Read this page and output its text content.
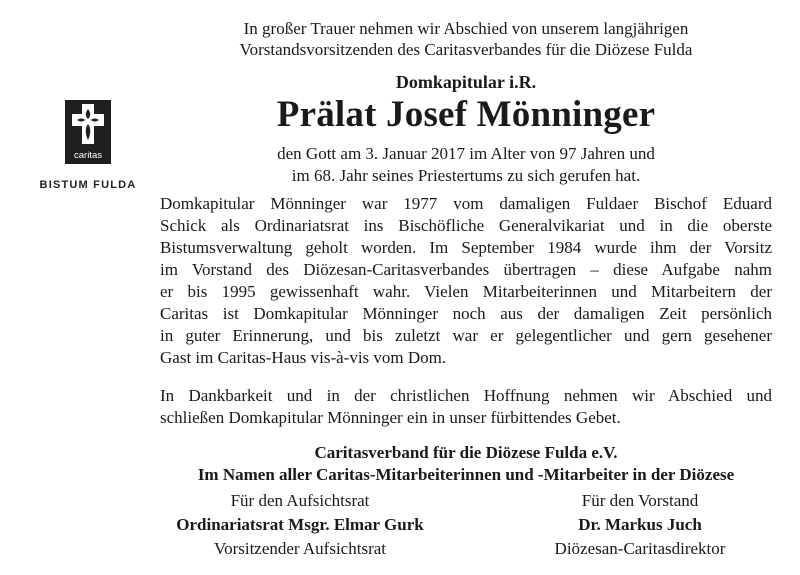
caritas
BISTUM FULDA
In großer Trauer nehmen wir Abschied von unserem langjährigen
Vorstandsvorsitzenden des Caritasverbandes für die Diözese Fulda
Domkapitular i.R.
Prälat Josef Mönninger
den Gott am 3. Januar 2017 im Alter von 97 Jahren und
im 68. Jahr seines Priestertums zu sich gerufen hat.
Domkapitular Mönninger war 1977 vom damaligen Fuldaer Bischof Eduard
Schick als Ordinariatsrat ins Bischöfliche Generalvikariat und in die oberste
Bistumsverwaltung geholt worden. Im September 1984 wurde ihm der Vorsitz
im Vorstand des Diözesan-Caritasverbandes übertragen – diese Aufgabe nahm
er bis 1995 gewissenhaft wahr. Vielen Mitarbeiterinnen und Mitarbeitern der
Caritas ist Domkapitular Mönninger noch aus der damaligen Zeit persönlich
in guter Erinnerung, und bis zuletzt war er gelegentlicher und gern gesehener
Gast im Caritas-Haus vis-à-vis vom Dom.
In Dankbarkeit und in der christlichen Hoffnung nehmen wir Abschied und
schließen Domkapitular Mönninger ein in unser fürbittendes Gebet.
Caritasverband für die Diözese Fulda e.V.
Im Namen aller Caritas-Mitarbeiterinnen und -Mitarbeiter in der Diözese
Für den Aufsichtsrat
Ordinariatsrat Msgr. Elmar Gurk
Vorsitzender Aufsichtsrat
Für den Vorstand
Dr. Markus Juch
Diözesan-Caritasdirektor
